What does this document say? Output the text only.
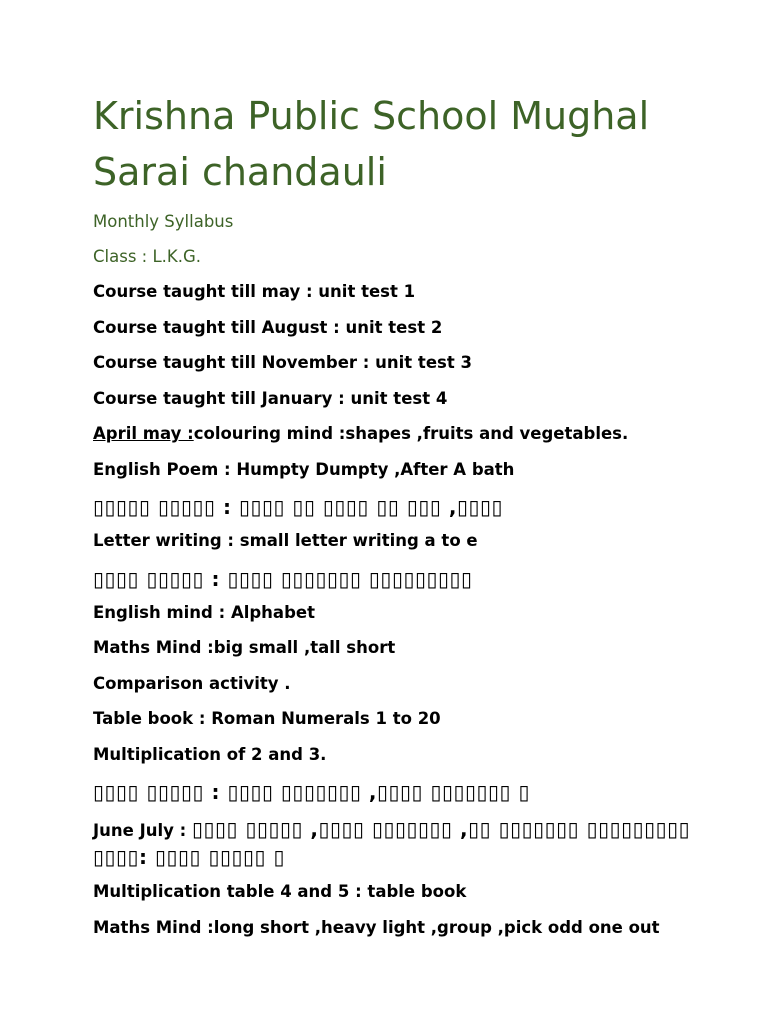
Krishna Public School Mughal Sarai chandauli
Monthly Syllabus
Class : L.K.G.
Course taught till may : unit test 1
Course taught till August : unit test 2
Course taught till November : unit test 3
Course taught till January : unit test 4
April may :colouring mind :shapes ,fruits and vegetables.
English Poem : Humpty Dumpty ,After A bath
▯▯▯▯▯ ▯▯▯▯▯ : ▯▯▯▯ ▯▯ ▯▯▯▯ ▯▯ ▯▯▯ ,▯▯▯▯
Letter writing : small letter writing a to e
▯▯▯▯ ▯▯▯▯▯ : ▯▯▯▯ ▯▯▯▯▯▯▯ ▯▯▯▯▯▯▯▯▯
English mind : Alphabet
Maths Mind :big small ,tall short
Comparison activity .
Table book : Roman Numerals 1 to 20
Multiplication of 2 and 3.
▯▯▯▯ ▯▯▯▯▯ : ▯▯▯▯ ▯▯▯▯▯▯▯ ,▯▯▯▯ ▯▯▯▯▯▯▯ ▯
June July : ▯▯▯▯ ▯▯▯▯▯ ,▯▯▯▯ ▯▯▯▯▯▯▯ ,▯▯ ▯▯▯▯▯▯▯ ▯▯▯▯▯▯▯▯▯ ▯▯▯▯: ▯▯▯▯ ▯▯▯▯▯ ▯
Multiplication table 4 and 5 : table book
Maths Mind :long short ,heavy light ,group ,pick odd one out
